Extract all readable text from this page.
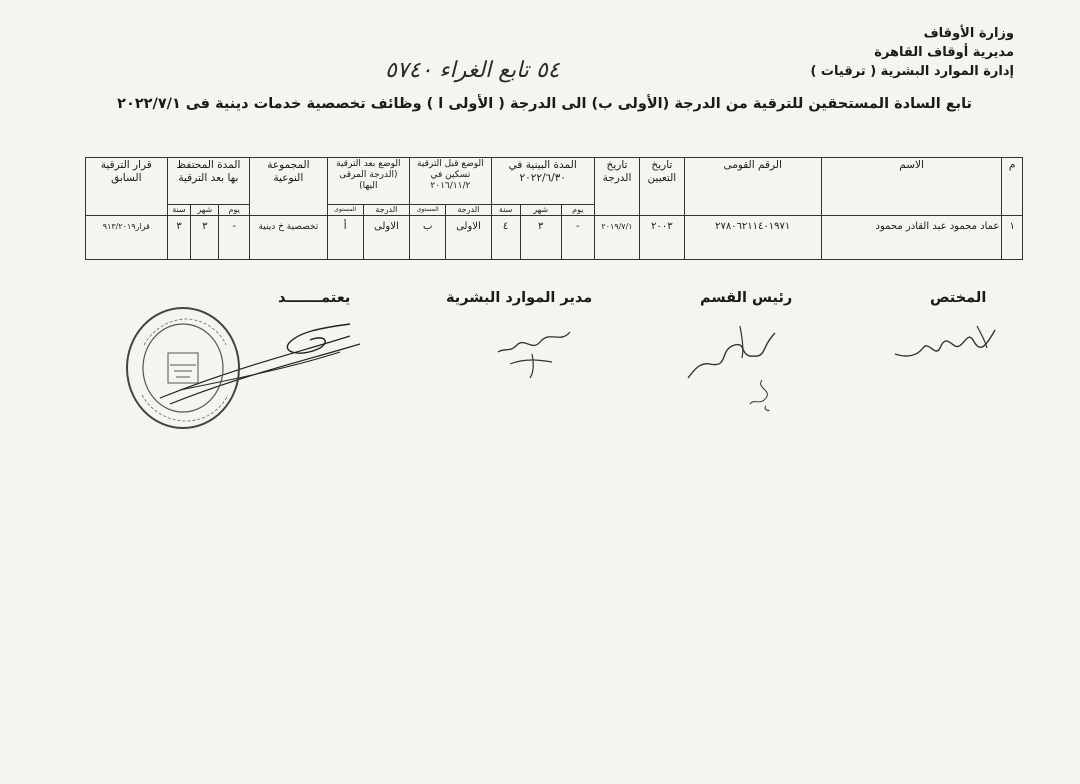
وزارة الأوقاف
مديرية أوقاف القاهرة
إدارة الموارد البشرية ( ترقيات )
٥٤ تابع الغراء ٥٧٤٠
تابع السادة المستحقين للترقية من الدرجة (الأولى ب) الى الدرجة ( الأولى ا ) وظائف تخصصية خدمات دينية فى ٢٠٢٢/٧/١
م	الاسم	الرقم القومى	تاريخ التعيين	تاريخ الدرجة	المدة البينية في ٢٠٢٢/٦/٣٠			الوضع قبل الترقية تسكين في ٢٠١٦/١١/٢		الوضع بعد الترقية (الدرجة المرقى اليها)		المجموعة النوعية	المدة المحتفظ بها بعد الترقية			قرار الترقية السابق
					يوم	شهر	سنة	الدرجة	المستوى	الدرجة	المستوى		يوم	شهر	سنة	
١	عماد محمود عبد القادر محمود	٢٧٨٠٦٢١١٤٠١٩٧١	٢٠٠٣	٢٠١٩/٧/١	-	٣	٤	الاولى	ب	الاولى	أ	تخصصية خ دينية	-	٣	٣	قرار٩١٣/٢٠١٩
المختص
رئيس القسم
مدير الموارد البشرية
يعتمـــــــد
